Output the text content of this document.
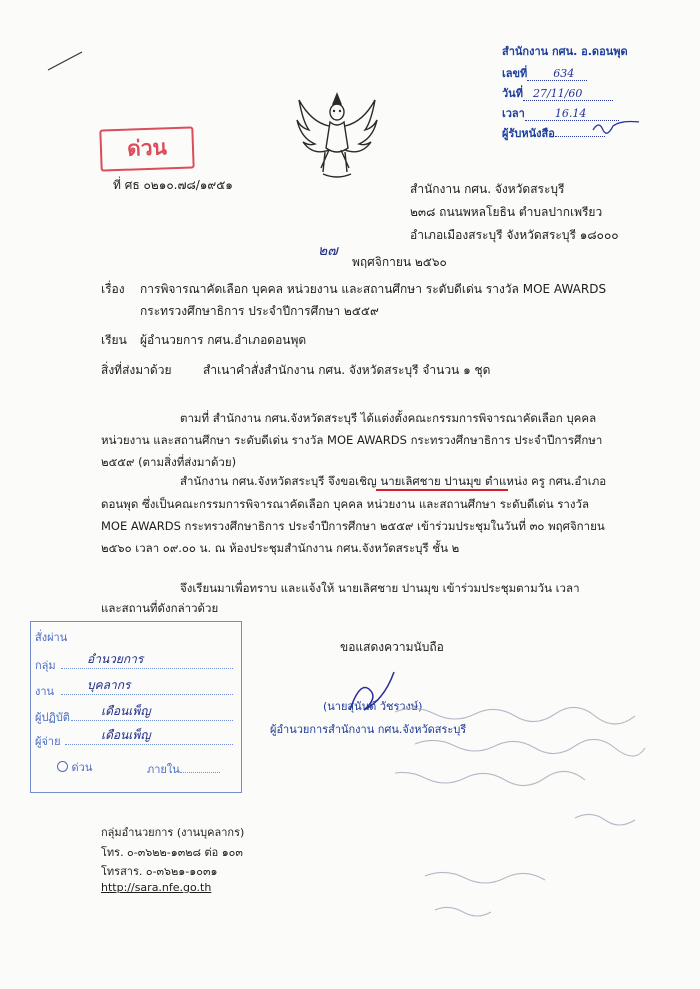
สำนักงาน กศน. อ.ดอนพุด
เลขที่ 634
วันที่ 27/11/60
เวลา	16.14
ผู้รับหนังสือ
ด่วน
ที่ ศธ ๐๒๑๐.๗๘/๑๙๕๑	สำนักงาน กศน. จังหวัดสระบุรี
๒๓๘ ถนนพหลโยธิน ตำบลปากเพรียว
อำเภอเมืองสระบุรี จังหวัดสระบุรี ๑๘๐๐๐
๒๗
พฤศจิกายน ๒๕๖๐
เรื่อง การพิจารณาคัดเลือก บุคคล หน่วยงาน และสถานศึกษา ระดับดีเด่น รางวัล MOE AWARDS
กระทรวงศึกษาธิการ ประจำปีการศึกษา ๒๕๕๙
เรียน ผู้อำนวยการ กศน.อำเภอดอนพุด
สิ่งที่ส่งมาด้วย	สำเนาคำสั่งสำนักงาน กศน. จังหวัดสระบุรี จำนวน ๑ ชุด
ตามที่ สำนักงาน กศน.จังหวัดสระบุรี ได้แต่งตั้งคณะกรรมการพิจารณาคัดเลือก บุคคล
หน่วยงาน และสถานศึกษา ระดับดีเด่น รางวัล MOE AWARDS กระทรวงศึกษาธิการ ประจำปีการศึกษา
๒๕๕๙ (ตามสิ่งที่ส่งมาด้วย)
สำนักงาน กศน.จังหวัดสระบุรี จึงขอเชิญ นายเลิศชาย ปานมุข ตำแหน่ง ครู กศน.อำเภอ
ดอนพุด ซึ่งเป็นคณะกรรมการพิจารณาคัดเลือก บุคคล หน่วยงาน และสถานศึกษา ระดับดีเด่น รางวัล
MOE AWARDS กระทรวงศึกษาธิการ ประจำปีการศึกษา ๒๕๕๙ เข้าร่วมประชุมในวันที่ ๓๐ พฤศจิกายน
๒๕๖๐ เวลา ๐๙.๐๐ น. ณ ห้องประชุมสำนักงาน กศน.จังหวัดสระบุรี ชั้น ๒
จึงเรียนมาเพื่อทราบ และแจ้งให้ นายเลิศชาย ปานมุข เข้าร่วมประชุมตามวัน เวลา
และสถานที่ดังกล่าวด้วย
ขอแสดงความนับถือ
(นายสุนันต์ วัชรวงษ์)
ผู้อำนวยการสำนักงาน กศน.จังหวัดสระบุรี
สั่งผ่าน
กลุ่ม	อำนวยการ
งาน	บุคลากร
ผู้ปฏิบัติ	เดือนเพ็ญ
ผู้จ่าย	เดือนเพ็ญ
ด่วน	ภายใน
กลุ่มอำนวยการ (งานบุคลากร)
โทร. ๐-๓๖๒๒-๑๓๒๘ ต่อ ๑๐๓
โทรสาร. ๐-๓๖๒๑-๑๐๓๑
http://sara.nfe.go.th
